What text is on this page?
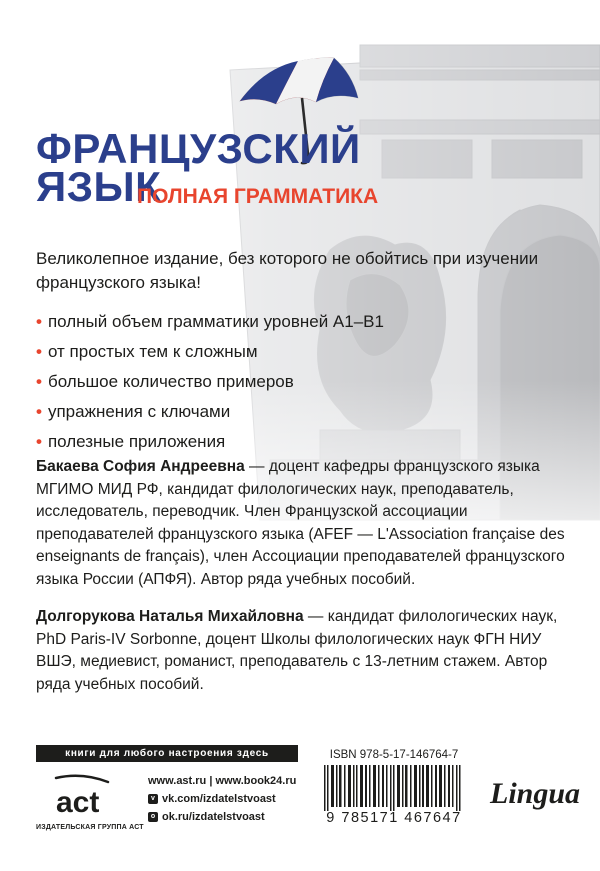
ФРАНЦУЗСКИЙ
ЯЗЫК
ПОЛНАЯ ГРАММАТИКА
Великолепное издание, без которого не обойтись при изучении французского языка!
• полный объем грамматики уровней А1–В1
• от простых тем к сложным
• большое количество примеров
• упражнения с ключами
• полезные приложения
Бакаева София Андреевна — доцент кафедры французского языка МГИМО МИД РФ, кандидат филологических наук, преподаватель, исследователь, переводчик. Член Французской ассоциации преподавателей французского языка (AFEF — L'Association française des enseignants de français), член Ассоциации преподавателей французского языка России (АПФЯ). Автор ряда учебных пособий.
Долгорукова Наталья Михайловна — кандидат филологических наук, PhD Paris-IV Sorbonne, доцент Школы филологических наук ФГН НИУ ВШЭ, медиевист, романист, преподаватель с 13-летним стажем. Автор ряда учебных пособий.
книги для любого настроения здесь
act
ИЗДАТЕЛЬСКАЯ ГРУППА АСТ
www.ast.ru | www.book24.ru
v vk.com/izdatelstvoast
o ok.ru/izdatelstvoast
ISBN 978-5-17-146764-7
9 785171 467647
Lingua
